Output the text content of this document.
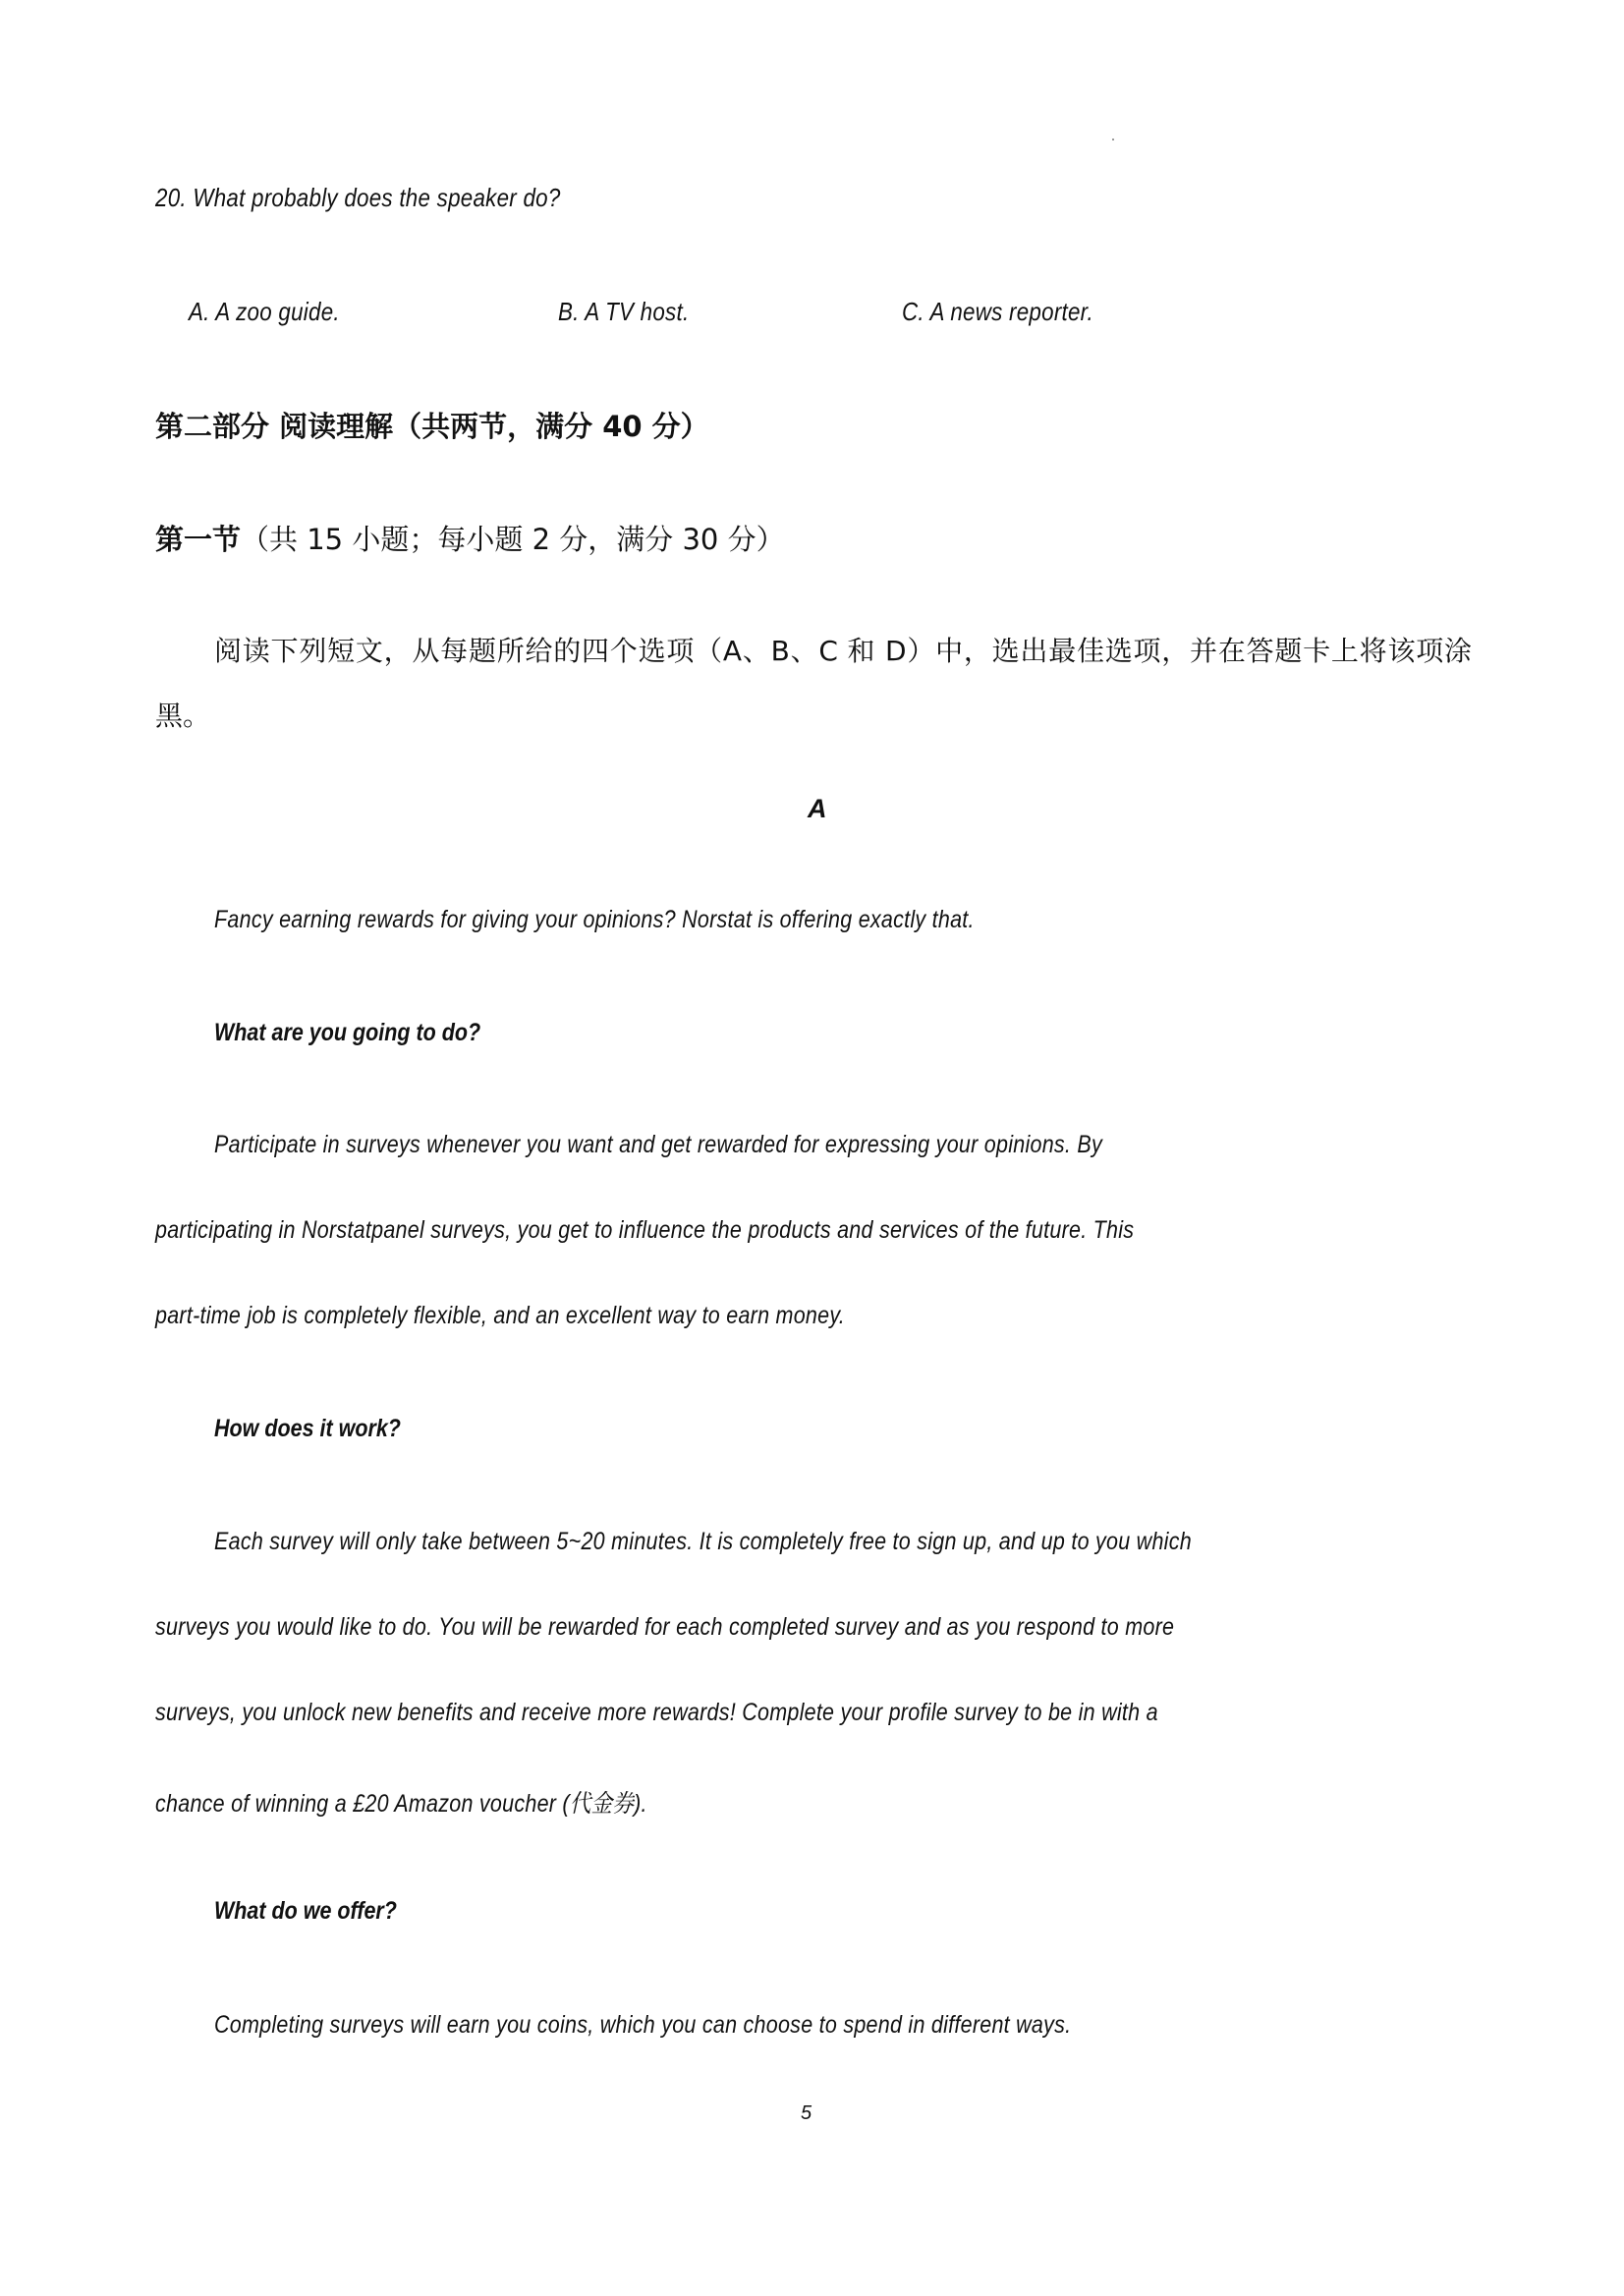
20. What probably does the speaker do?
A. A zoo guide.	B. A TV host.	C. A news reporter.
第二部分 阅读理解（共两节，满分 40 分）
第一节（共 15 小题；每小题 2 分，满分 30 分）
阅读下列短文，从每题所给的四个选项（A、B、C 和 D）中，选出最佳选项，并在答题卡上将该项涂黑。
A
Fancy earning rewards for giving your opinions? Norstat is offering exactly that.
What are you going to do?
Participate in surveys whenever you want and get rewarded for expressing your opinions. By
participating in Norstatpanel surveys, you get to influence the products and services of the future. This
part-time job is completely flexible, and an excellent way to earn money.
How does it work?
Each survey will only take between 5~20 minutes. It is completely free to sign up, and up to you which
surveys you would like to do. You will be rewarded for each completed survey and as you respond to more
surveys, you unlock new benefits and receive more rewards! Complete your profile survey to be in with a
chance of winning a £20 Amazon voucher (代金券).
What do we offer?
Completing surveys will earn you coins, which you can choose to spend in different ways.
5
